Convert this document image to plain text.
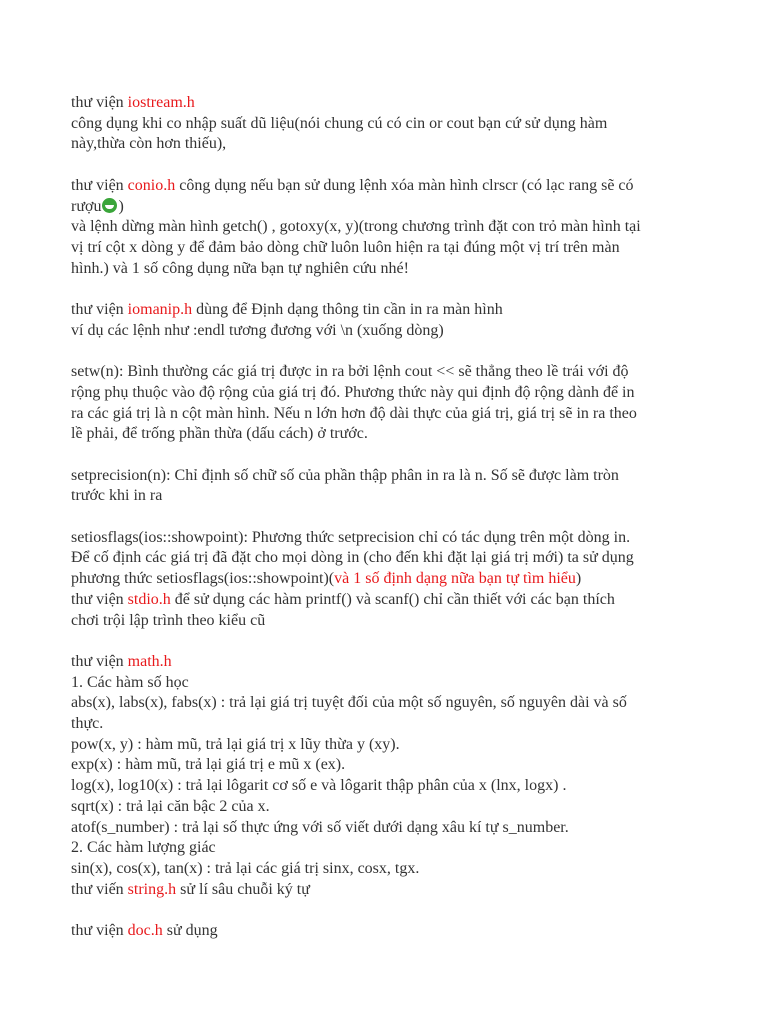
thư viện iostream.h
công dụng khi co nhập suất dũ liệu(nói chung cú có cin or cout bạn cứ sử dụng hàm
này,thừa còn hơn thiếu),
thư viện conio.h công dụng nếu bạn sử dung lệnh xóa màn hình clrscr (có lạc rang sẽ có
rượu )
và lệnh dừng màn hình getch() , gotoxy(x, y)(trong chương trình đặt con trỏ màn hình tại
vị trí cột x dòng y để đảm bảo dòng chữ luôn luôn hiện ra tại đúng một vị trí trên màn
hình.) và 1 số công dụng nữa bạn tự nghiên cứu nhé!
thư viện iomanip.h dùng để Định dạng thông tin cần in ra màn hình
ví dụ các lệnh như :endl tương đương với \n (xuống dòng)
setw(n): Bình thường các giá trị được in ra bởi lệnh cout << sẽ thẳng theo lề trái với độ
rộng phụ thuộc vào độ rộng của giá trị đó. Phương thức này qui định độ rộng dành để in
ra các giá trị là n cột màn hình. Nếu n lớn hơn độ dài thực của giá trị, giá trị sẽ in ra theo
lề phải, để trống phần thừa (dấu cách) ở trước.
setprecision(n): Chỉ định số chữ số của phần thập phân in ra là n. Số sẽ được làm tròn
trước khi in ra
setiosflags(ios::showpoint): Phương thức setprecision chỉ có tác dụng trên một dòng in.
Để cố định các giá trị đã đặt cho mọi dòng in (cho đến khi đặt lại giá trị mới) ta sử dụng
phương thức setiosflags(ios::showpoint)(và 1 số định dạng nữa bạn tự tìm hiểu)
thư viện stdio.h để sử dụng các hàm printf() và scanf() chỉ cần thiết với các bạn thích
chơi trội lập trình theo kiểu cũ
thư viện math.h
1. Các hàm số học
abs(x), labs(x), fabs(x) : trả lại giá trị tuyệt đối của một số nguyên, số nguyên dài và số
thực.
pow(x, y) : hàm mũ, trả lại giá trị x lũy thừa y (xy).
exp(x) : hàm mũ, trả lại giá trị e mũ x (ex).
log(x), log10(x) : trả lại lôgarit cơ số e và lôgarit thập phân của x (lnx, logx) .
sqrt(x) : trả lại căn bậc 2 của x.
atof(s_number) : trả lại số thực ứng với số viết dưới dạng xâu kí tự s_number.
2. Các hàm lượng giác
sin(x), cos(x), tan(x) : trả lại các giá trị sinx, cosx, tgx.
thư viến string.h sử lí sâu chuỗi ký tự
thư viện doc.h sử dụng
